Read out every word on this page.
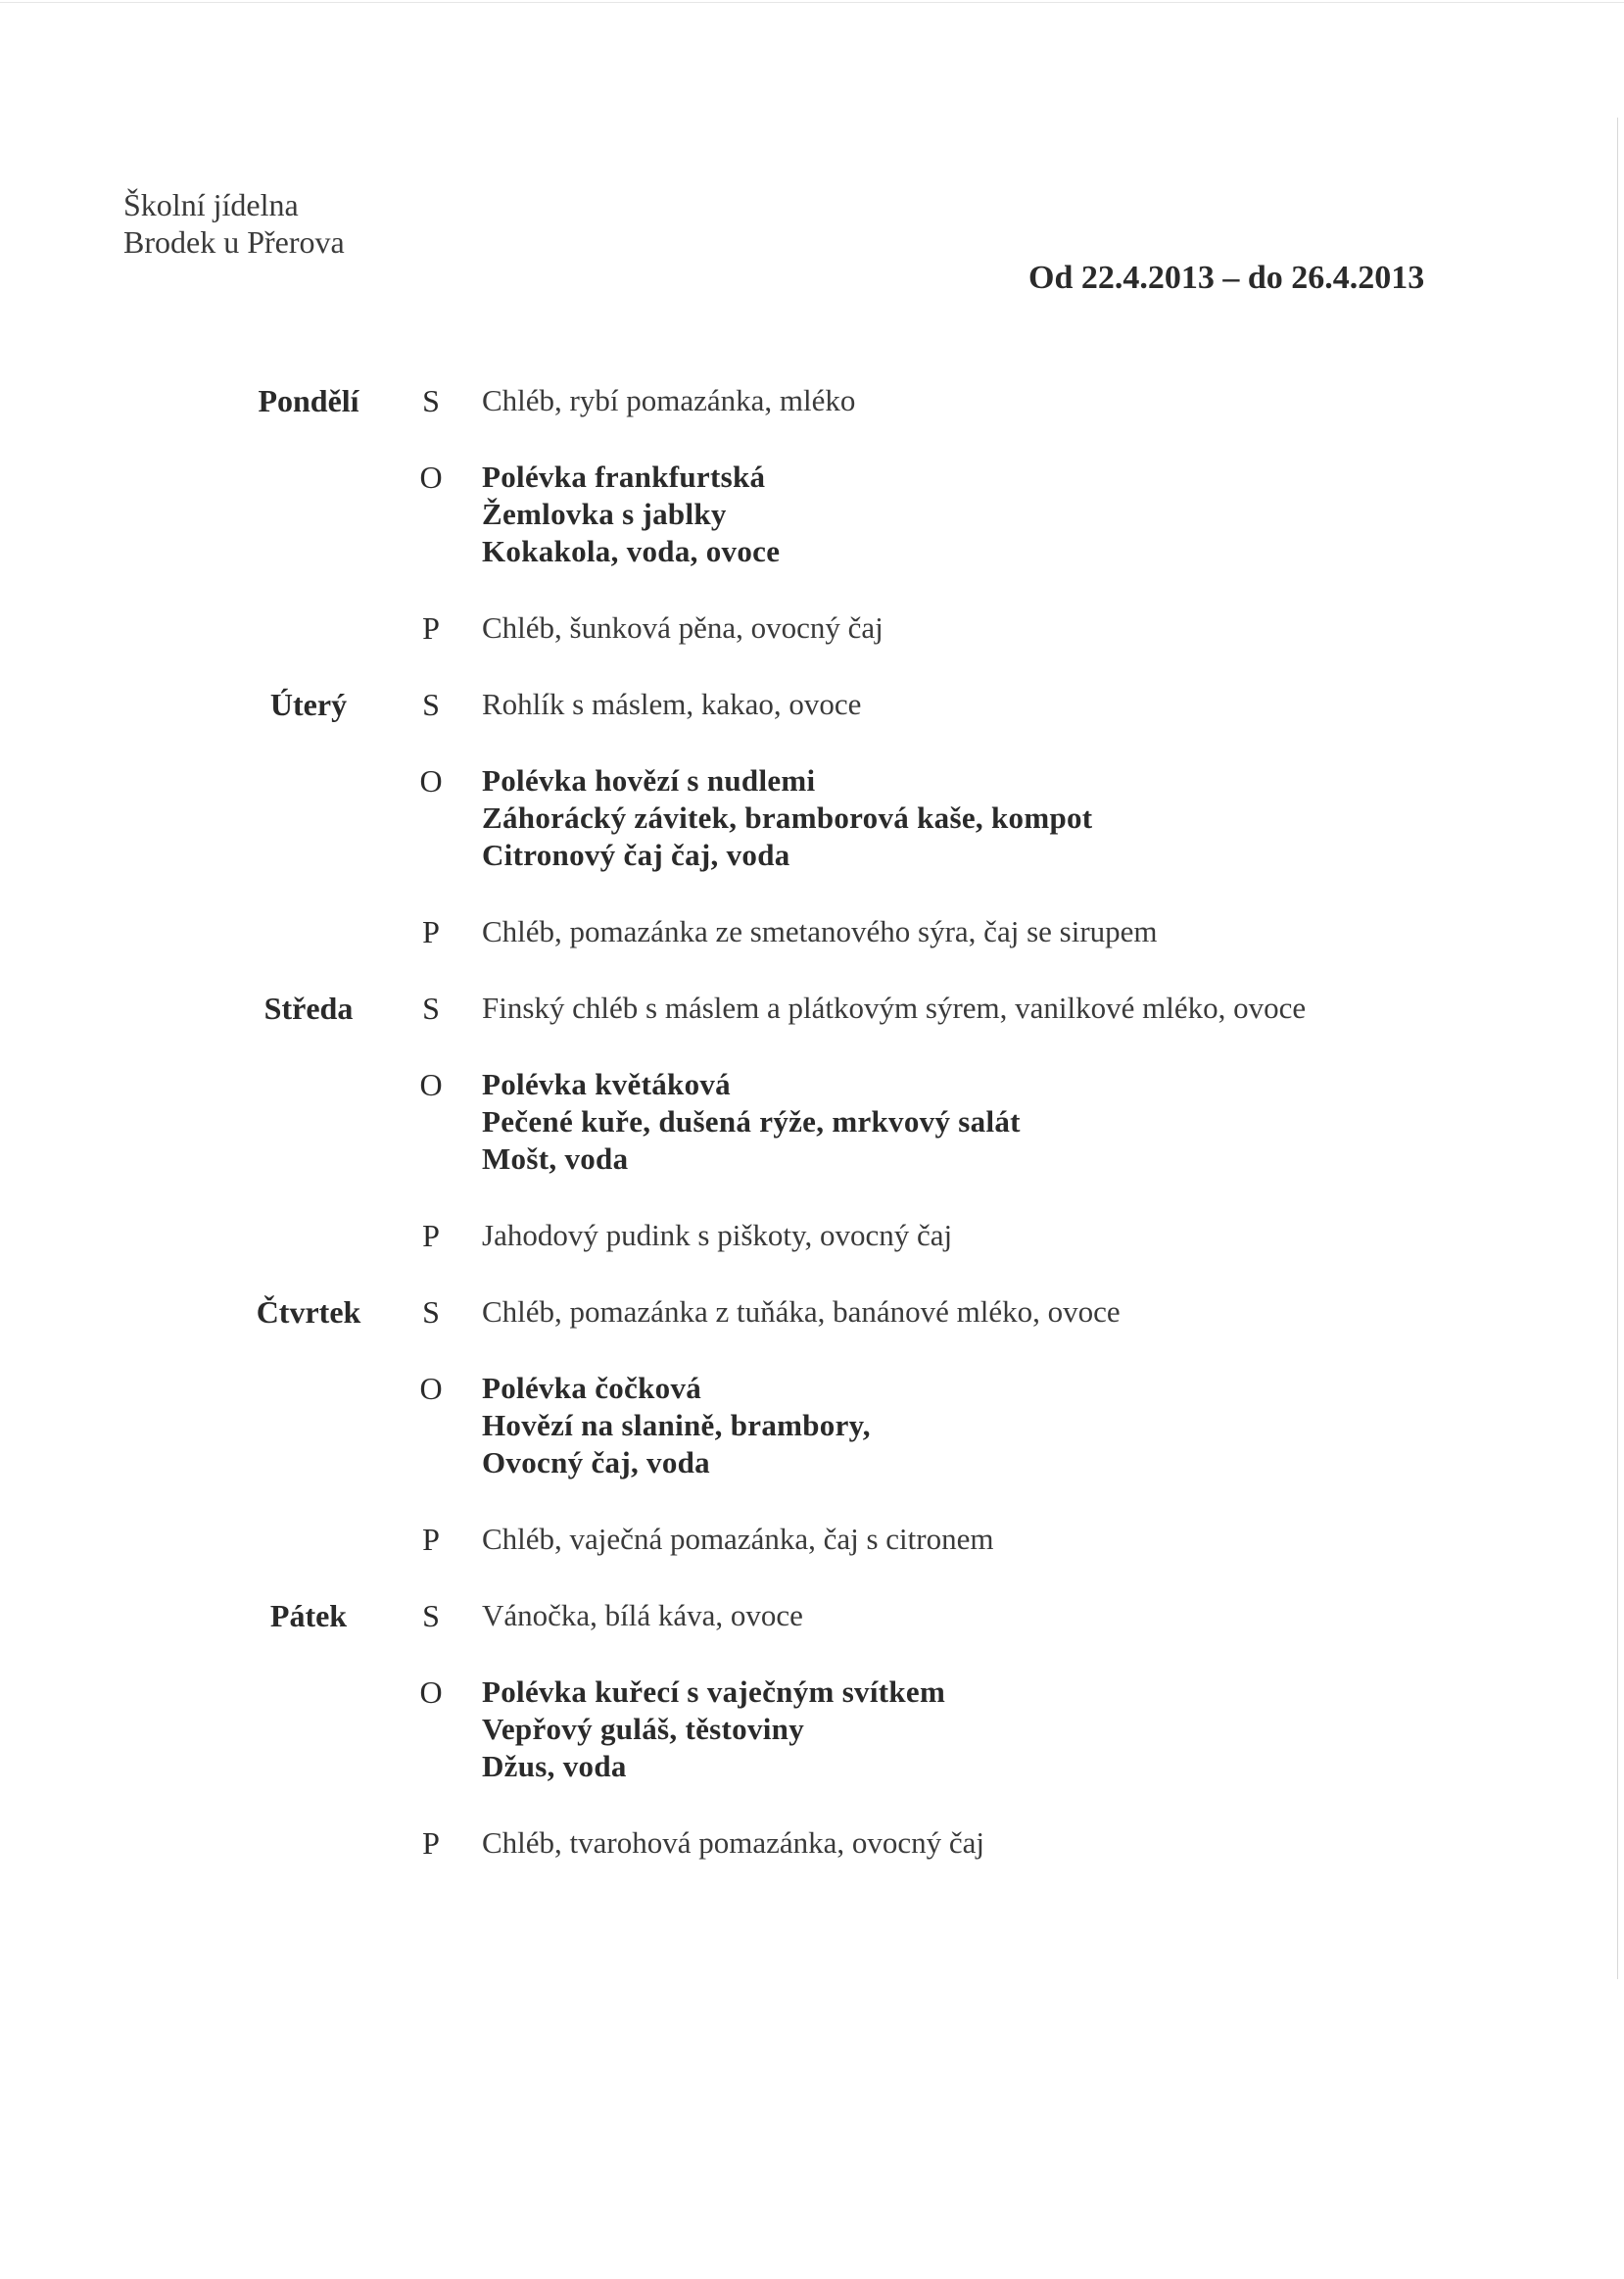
Školní jídelna
Brodek u Přerova
Od 22.4.2013 – do 26.4.2013
Pondělí	S	Chléb, rybí pomazánka, mléko
O Polévka frankfurtská
Žemlovka s jablky
Kokakola, voda, ovoce
P	Chléb, šunková pěna, ovocný čaj
Úterý	S	Rohlík s máslem, kakao, ovoce
O Polévka hovězí s nudlemi
Záhorácký závitek, bramborová kaše, kompot
Citronový čaj čaj, voda
P	Chléb, pomazánka ze smetanového sýra, čaj se sirupem
Středa	S	Finský chléb s máslem a plátkovým sýrem, vanilkové mléko, ovoce
O Polévka květáková
Pečené kuře, dušená rýže, mrkvový salát
Mošt, voda
P	Jahodový pudink s piškoty, ovocný čaj
Čtvrtek	S	Chléb, pomazánka z tuňáka, banánové mléko, ovoce
O Polévka čočková
Hovězí na slanině, brambory,
Ovocný čaj, voda
P	Chléb, vaječná pomazánka, čaj s citronem
Pátek	S	Vánočka, bílá káva, ovoce
O Polévka kuřecí s vaječným svítkem
Vepřový guláš, těstoviny
Džus, voda
P	Chléb, tvarohová pomazánka, ovocný čaj
